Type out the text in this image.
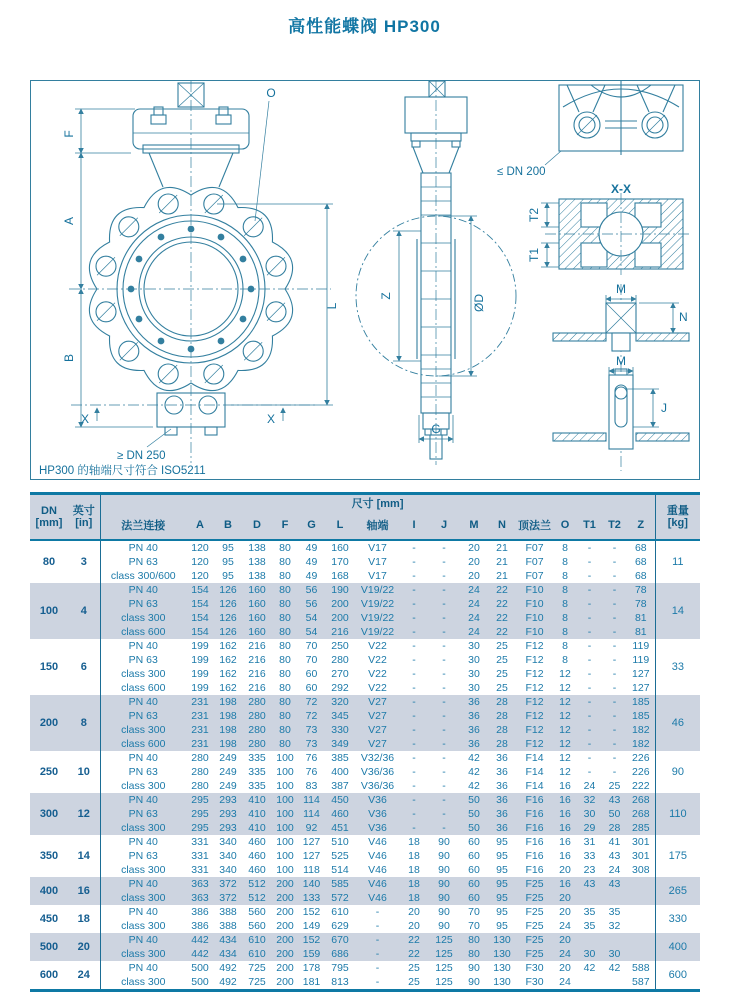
高性能蝶阀 HP300
F
A
B
L
O
X	X
≥ DN 250
HP300 的轴端尺寸符合 ISO5211
ØD
Z
G
≤ DN 200
X-X
T2
T1
M
N
M
J
DN
[mm]	英寸
[in]	尺寸 [mm]																	重量
[kg]

		法兰连接	A	B	D	F	G	L	轴端	I	J	M	N	顶法兰	O	T1	T2	Z	
80	3	PN 40	120	95	138	80	49	160	V17	-	-	20	21	F07	8	-	-	68	11
		PN 63	120	95	138	80	49	170	V17	-	-	20	21	F07	8	-	-	68	
		class 300/600	120	95	138	80	49	168	V17	-	-	20	21	F07	8	-	-	68	
100	4	PN 40	154	126	160	80	56	190	V19/22	-	-	24	22	F10	8	-	-	78	14
		PN 63	154	126	160	80	56	200	V19/22	-	-	24	22	F10	8	-	-	78	
		class 300	154	126	160	80	54	200	V19/22	-	-	24	22	F10	8	-	-	81	
		class 600	154	126	160	80	54	216	V19/22	-	-	24	22	F10	8	-	-	81	
150	6	PN 40	199	162	216	80	70	250	V22	-	-	30	25	F12	8	-	-	119	33
		PN 63	199	162	216	80	70	280	V22	-	-	30	25	F12	8	-	-	119	
		class 300	199	162	216	80	60	270	V22	-	-	30	25	F12	12	-	-	127	
		class 600	199	162	216	80	60	292	V22	-	-	30	25	F12	12	-	-	127	
200	8	PN 40	231	198	280	80	72	320	V27	-	-	36	28	F12	12	-	-	185	46
		PN 63	231	198	280	80	72	345	V27	-	-	36	28	F12	12	-	-	185	
		class 300	231	198	280	80	73	330	V27	-	-	36	28	F12	12	-	-	182	
		class 600	231	198	280	80	73	349	V27	-	-	36	28	F12	12	-	-	182	
250	10	PN 40	280	249	335	100	76	385	V32/36	-	-	42	36	F14	12	-	-	226	90
		PN 63	280	249	335	100	76	400	V36/36	-	-	42	36	F14	12	-	-	226	
		class 300	280	249	335	100	83	387	V36/36	-	-	42	36	F14	16	24	25	222	
300	12	PN 40	295	293	410	100	114	450	V36	-	-	50	36	F16	16	32	43	268	110
		PN 63	295	293	410	100	114	460	V36	-	-	50	36	F16	16	30	50	268	
		class 300	295	293	410	100	92	451	V36	-	-	50	36	F16	16	29	28	285	
350	14	PN 40	331	340	460	100	127	510	V46	18	90	60	95	F16	16	31	41	301	175
		PN 63	331	340	460	100	127	525	V46	18	90	60	95	F16	16	33	43	301	
		class 300	331	340	460	100	118	514	V46	18	90	60	95	F16	20	23	24	308	
400	16	PN 40	363	372	512	200	140	585	V46	18	90	60	95	F25	16	43	43		265
		class 300	363	372	512	200	133	572	V46	18	90	60	95	F25	20				
450	18	PN 40	386	388	560	200	152	610	-	20	90	70	95	F25	20	35	35		330
		class 300	386	388	560	200	149	629	-	20	90	70	95	F25	24	35	32		
500	20	PN 40	442	434	610	200	152	670	-	22	125	80	130	F25	20				400
		class 300	442	434	610	200	159	686	-	22	125	80	130	F25	24	30	30		
600	24	PN 40	500	492	725	200	178	795	-	25	125	90	130	F30	20	42	42	588	600
		class 300	500	492	725	200	181	813	-	25	125	90	130	F30	24			587	
